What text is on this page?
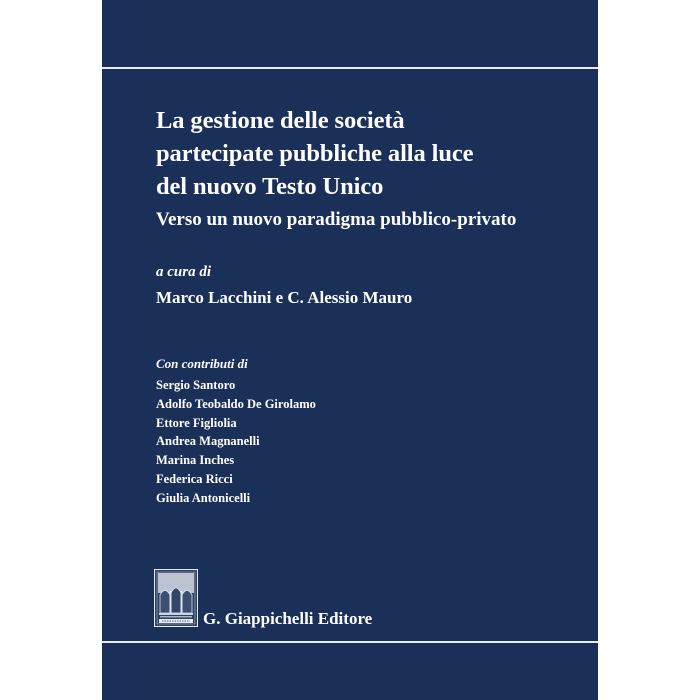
La gestione delle società
partecipate pubbliche alla luce
del nuovo Testo Unico

Verso un nuovo paradigma pubblico-privato

a cura di

Marco Lacchini e C. Alessio Mauro

Con contributi di

Sergio Santoro
Adolfo Teobaldo De Girolamo
Ettore Figliolia
Andrea Magnanelli
Marina Inches
Federica Ricci
Giulia Antonicelli

G. Giappichelli Editore
